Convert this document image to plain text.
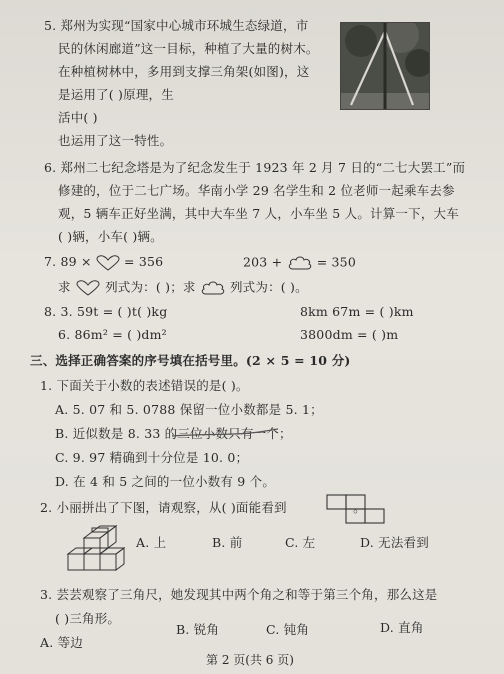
5. 郑州为实现“国家中心城市环城生态绿道，市
民的休闲廊道”这一目标，种植了大量的树木。
在种植树林中，多用到支撑三角架(如图)，这
是运用了( )原理，生
活中( )
也运用了这一特性。
6. 郑州二七纪念塔是为了纪念发生于 1923 年 2 月 7 日的“二七大罢工”而
修建的，位于二七广场。华南小学 29 名学生和 2 位老师一起乘车去参
观，5 辆车正好坐满，其中大车坐 7 人，小车坐 5 人。计算一下，大车
( )辆，小车( )辆。
7. 89 ×	= 356	203 +	= 350
求	列式为：( )；求	列式为：( )。
8. 3. 59t = ( )t( )kg	8km 67m = ( )km
6. 86m² = ( )dm²	3800dm = ( )m
三、选择正确答案的序号填在括号里。(2 × 5 = 10 分)
1. 下面关于小数的表述错误的是( )。
A. 5. 07 和 5. 0788 保留一位小数都是 5. 1；
B. 近似数是 8. 33 的三位小数只有一个；
C. 9. 97 精确到十分位是 10. 0；
D. 在 4 和 5 之间的一位小数有 9 个。
2. 小丽拼出了下图，请观察，从( )面能看到	。
A. 上	B. 前	C. 左	D. 无法看到
3. 芸芸观察了三角尺，她发现其中两个角之和等于第三个角，那么这是
( )三角形。
A. 等边
B. 锐角	C. 钝角	D. 直角
第 2 页(共 6 页)
